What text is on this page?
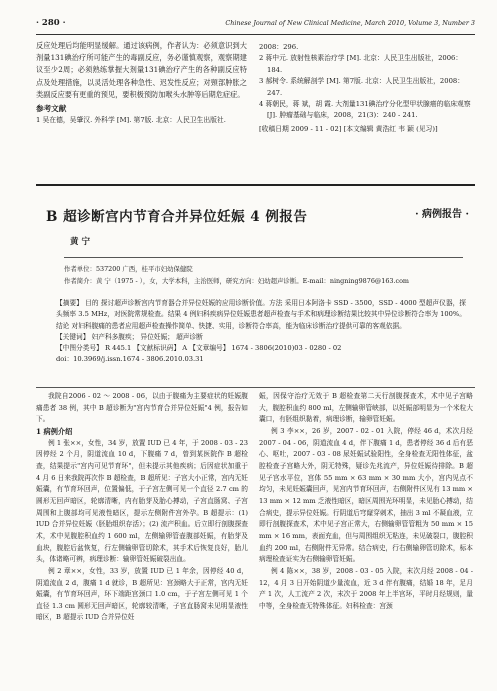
· 280 ·	Chinese Journal of New Clinical Medicine, March 2010, Volume 3, Number 3

反应处理后均能明显缓解。通过该病例，作者认为：必须意识到大剂量131碘治疗所可能产生的毒副反应，务必谨慎观察，观察期建议至少2周；必须熟练掌握大剂量131碘治疗产生的各种副反应特点及处理措施，以灵活处理各种急性、迟发性反应；对頸部肿胀之类副反应要有更重的预见，要积极预防加喉头水肿等后期危症症。

参考文献
1 吴在德，吴肇汉. 外科学 [M]. 第7版. 北京：人民卫生出版社.
2008：296.
2 蒋中元. 放射性核素治疗学 [M]. 北京：人民卫生出版社，2006：184.
3 郝树令. 系统解剖学 [M]. 第7版. 北京：人民卫生出版社，2008：247.
4 蒋朝民，蒋 斌，胡 霞. 大剂量131碘治疗分化型甲状腺癌的临床观察 [J]. 肿瘤基础与临床，2008，21(3)：240 - 241.
[收稿日期 2009 - 11 - 02] [本文编辑 黄浩红 韦 颖 (见习)]
B 超诊断宫内节育合并异位妊娠 4 例报告	· 病例报告 ·
黄 宁
作者单位：537200 广西，桂平市妇幼保健院
作者简介：黄 宁（1975 - ），女，大学本科，主治医师，研究方向：妇幼超声诊断。E-mail：ningning9876@163.com
【摘要】 目的 探讨超声诊断宫内节育器合并异位妊娠的应用诊断价值。方法 采用日本阿洛卡 SSD - 3500，SSD - 4000 型超声仪器，探头频率 3.5 MHz，对医院常规检查。结果 4 例妇科疾病异位妊娠患者超声检查与手术和病理诊断结果比较其中异位诊断符合率为 100%。结论 对妇科腹痛的患者应用超声检查操作简单、快捷、实用，诊断符合率高，能为临床诊断治疗提供可靠的客观依据。
【关键词】 妇产科多腹疾； 异位妊娠； 超声诊断
【中图分类号】 R 445.1 【文献标识码】 A 【文章编号】 1674 - 3806(2010)03 - 0280 - 02
doi：10.3969/j.issn.1674 - 3806.2010.03.31

我院自2006 - 02 ～ 2008 - 06，以由于腹痛为主要症状的妊娠腹痛患者 38 例，其中 B 超诊断为"宫内节育合并异位妊娠"4 例，报告如下。

1 病例介绍

例 1 张××，女性，34 岁，放置 IUD 已 4 年，于 2008 - 03 - 23 因停经 2 个月，阴道流血 10 d，下腹痛 7 d，曾到某医院作 B 超检查，结果提示"宫内可见节育环"，但未提示其他疾病；后因症状加重于 4 月 6 日来我院再次作 B 超检查，B 超所见：子宫大小正常，宫内无妊娠囊，有节育环回声，位置偏低，于子宫左侧可见一个直径 2.7 cm 的圆形无回声暗区，轮廓清晰，内有胎芽及胎心搏动，子宫直肠窝、子宫周围和上腹部均可见液性暗区，提示左侧附件宫外孕。B 超提示：(1) IUD 合并异位妊娠（胚胎组织存活）；(2) 流产积血。后立即行剖腹探查术，术中见腹腔积血约 1 600 ml，左侧输卵管壶腹部妊娠，有胎芽及血块，腹腔后盆恢复，行左侧输卵管切除术，其手术后恢复良好，胎儿头，体诸略可辨，病理诊断：输卵管妊娠破裂出血。

例 2 章××，女性，33 岁，放置 IUD 已 1 年余，因停经 40 d，阴道流血 2 d，腹痛 1 d 就诊，B 超所见：宫颈略大于正常，宫内无妊娠囊，有节育环回声，环下端距宫颈口 1.0 cm，于子宫左侧可见 1 个直径 1.3 cm 圆形无回声暗区，轮廓较清晰，子宫直肠窝未见明显液性暗区，B 超提示 IUD 合并异位妊

娠，因保守治疗无效于 B 超检查第二天行剖腹探查术，术中见子宫略大，腹腔积血约 800 ml，左侧输卵管峡部，以妊娠部明显为一个米粒大囊口，有胚组织黏着，病理诊断，输卵管妊娠。

例 3 李××，26 岁，2007 - 02 - 01 入院，停经 46 d，术次月经 2007 - 04 - 06，阴道流血 4 d，伴下腹痛 1 d，患者停经 36 d 后有恶心、呕吐，2007 - 03 - 08 尿妊娠试验阳性，全身检查无阳性体征，盆腔检查子宫略大外，阴无特殊，疑诊先兆流产，异位妊娠待排除。B 超见子宫水平位，宫体 55 mm × 63 mm × 30 mm 大小，宫内见点不均匀，未见妊娠囊回声，见宫内节育环回声，右侧附件区见有 13 mm × 13 mm × 12 mm 乏液性暗区，暗区周围光环明显，未见胎心搏动，结合病史，提示异位妊娠。行阴道后穹窿穿刺术，抽出 3 ml 不凝血液，立即行剖腹探查术，术中见子宫正常大，右侧输卵管管粗为 50 mm × 15 mm × 16 mm，表面充血，但与周围组织无粘连，未见破裂口，腹腔积血约 200 ml，右侧附件无异常。结合病史，行右侧输卵管切除术，标本病理检查证实为右侧输卵管妊娠。

例 4 陈××，38 岁，2008 - 03 - 05 入院，末次月经 2008 - 04 - 12，4 月 3 日开始阴道少量流血，近 3 d 伴有腹痛，结婚 18 年，足月产 1 次，人工流产 2 次，末次于 2008 年上半宫环，平时月经规则，量中等，全身检查无特殊体征。妇科检查：宫颈
